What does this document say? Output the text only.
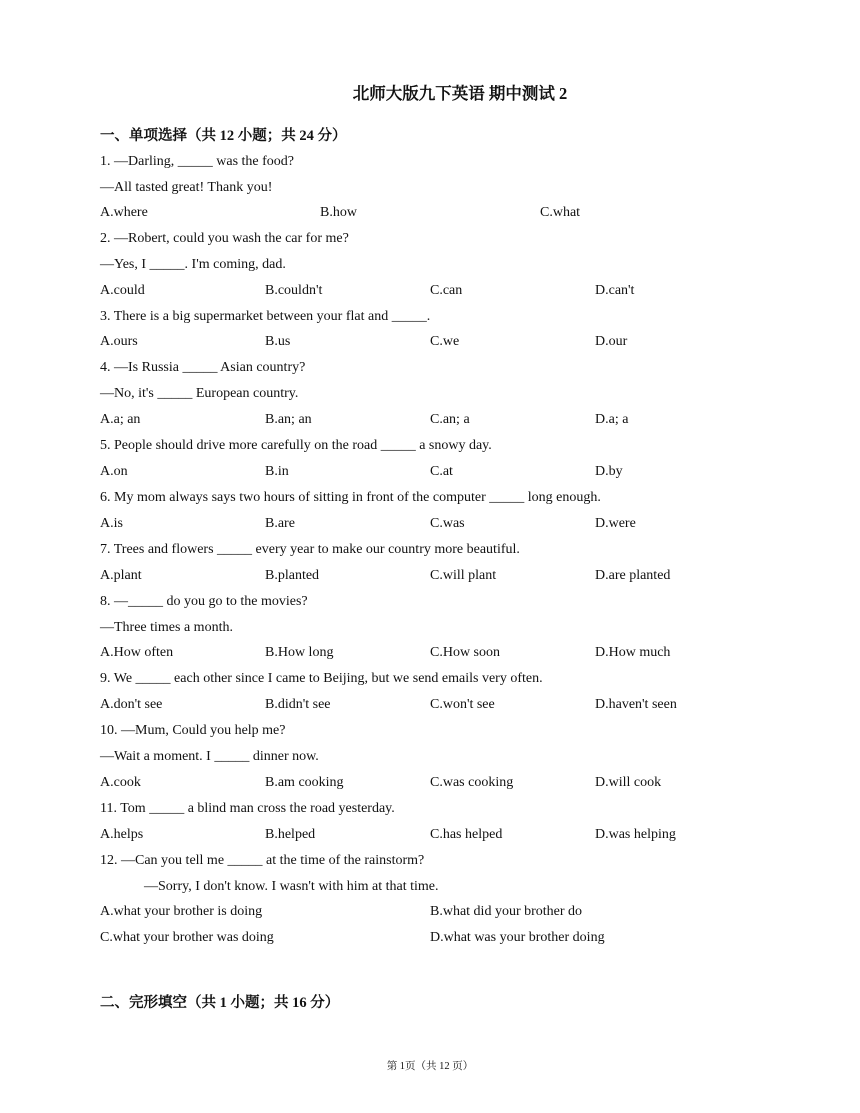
北师大版九下英语 期中测试 2
一、单项选择（共 12 小题；共 24 分）
1. —Darling, _____ was the food?
—All tasted great! Thank you!
A.where	B.how	C.what
2. —Robert, could you wash the car for me?
—Yes, I _____. I'm coming, dad.
A.could	B.couldn't	C.can	D.can't
3. There is a big supermarket between your flat and _____.
A.ours	B.us	C.we	D.our
4. —Is Russia _____ Asian country?
—No, it's _____ European country.
A.a; an	B.an; an	C.an; a	D.a; a
5. People should drive more carefully on the road _____ a snowy day.
A.on	B.in	C.at	D.by
6. My mom always says two hours of sitting in front of the computer _____ long enough.
A.is	B.are	C.was	D.were
7. Trees and flowers _____ every year to make our country more beautiful.
A.plant	B.planted	C.will plant	D.are planted
8. —_____ do you go to the movies?
—Three times a month.
A.How often	B.How long	C.How soon	D.How much
9. We _____ each other since I came to Beijing, but we send emails very often.
A.don't see	B.didn't see	C.won't see	D.haven't seen
10. —Mum, Could you help me?
—Wait a moment. I _____ dinner now.
A.cook	B.am cooking	C.was cooking	D.will cook
11. Tom _____ a blind man cross the road yesterday.
A.helps	B.helped	C.has helped	D.was helping
12. —Can you tell me _____ at the time of the rainstorm?
—Sorry, I don't know. I wasn't with him at that time.
A.what your brother is doing	B.what did your brother do
C.what your brother was doing	D.what was your brother doing
二、完形填空（共 1 小题；共 16 分）
第 1页（共 12 页）
